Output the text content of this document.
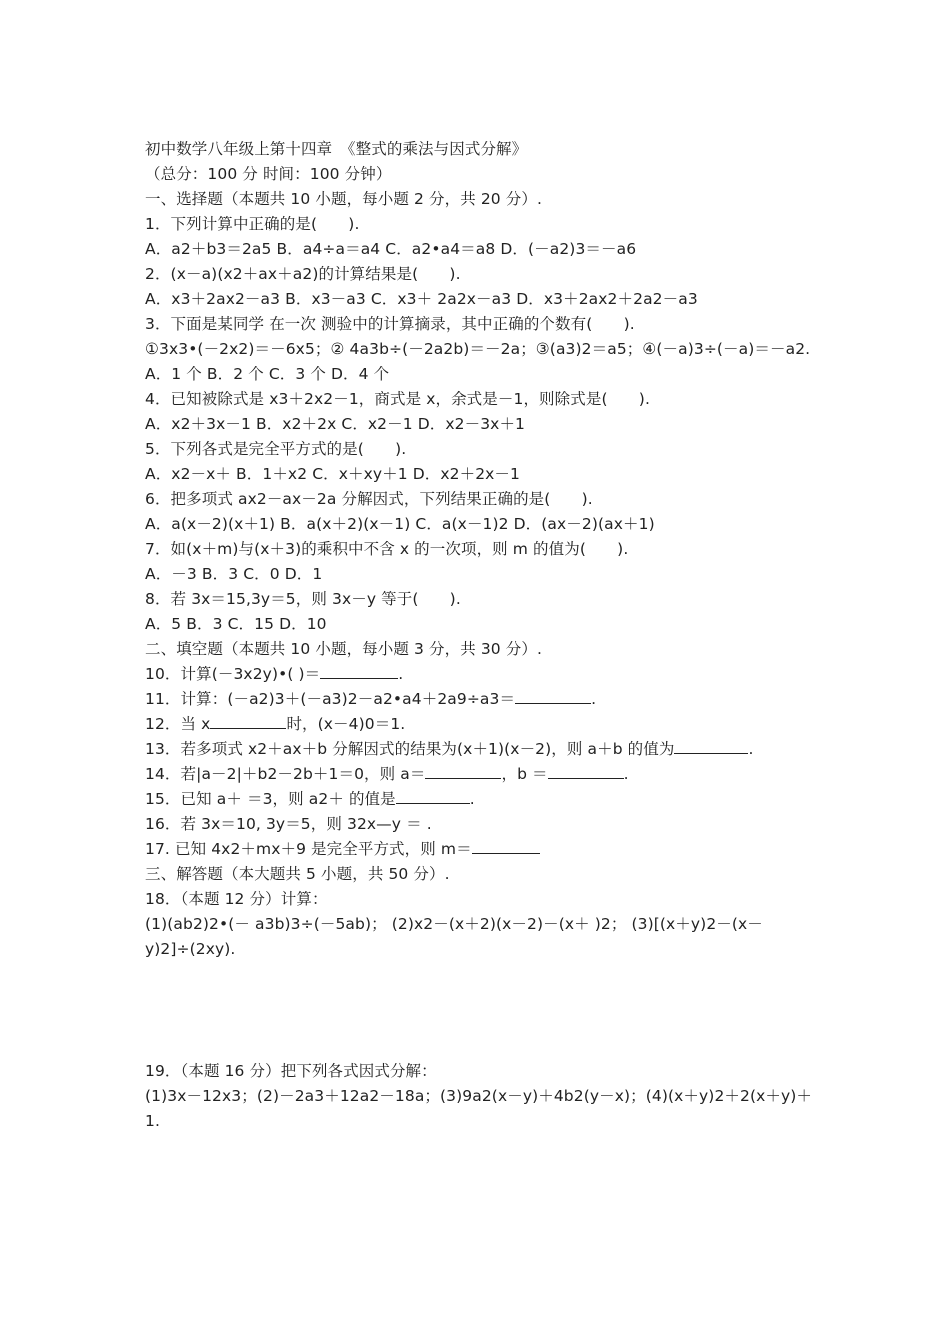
初中数学八年级上第十四章　《整式的乘法与因式分解》
（总分：100 分 时间：100 分钟）
一、选择题（本题共 10 小题，每小题 2 分，共 20 分）.
1．下列计算中正确的是(　　).
A．a2＋b3＝2a5 B．a4÷a＝a4 C．a2•a4＝a8 D．(－a2)3＝－a6
2．(x－a)(x2＋ax＋a2)的计算结果是(　　).
A．x3＋2ax2－a3 B．x3－a3 C．x3＋ 2a2x－a3 D．x3＋2ax2＋2a2－a3
3．下面是某同学 在一次 测验中的计算摘录，其中正确的个数有(　　).
①3x3•(－2x2)＝－6x5；② 4a3b÷(－2a2b)＝－2a；③(a3)2＝a5；④(－a)3÷(－a)＝－a2.
A．1 个 B．2 个 C．3 个 D．4 个
4．已知被除式是 x3＋2x2－1，商式是 x，余式是－1，则除式是(　　).
A．x2＋3x－1 B．x2＋2x C．x2－1 D．x2－3x＋1
5．下列各式是完全平方式的是(　　).
A．x2－x＋ B．1＋x2 C．x＋xy＋1 D．x2＋2x－1
6．把多项式 ax2－ax－2a 分解因式，下列结果正确的是(　　).
A．a(x－2)(x＋1) B．a(x＋2)(x－1) C．a(x－1)2 D．(ax－2)(ax＋1)
7．如(x＋m)与(x＋3)的乘积中不含 x 的一次项，则 m 的值为(　　).
A．－3 B．3 C．0 D．1
8．若 3x＝15,3y＝5，则 3x－y 等于(　　).
A．5 B．3 C．15 D．10
二、填空题（本题共 10 小题，每小题 3 分，共 30 分）.
10．计算(－3x2y)•( )＝	.
11．计算：(－a2)3＋(－a3)2－a2•a4＋2a9÷a3＝	.
12．当 x	时，(x－4)0＝1.
13．若多项式 x2＋ax＋b 分解因式的结果为(x＋1)(x－2)，则 a＋b 的值为	.
14．若|a－2|＋b2－2b＋1＝0，则 a＝	，b ＝	.
15．已知 a＋ ＝3，则 a2＋ 的值是	.
16．若 3x＝10, 3y＝5，则 32x—y ＝ .
17. 已知 4x2＋mx＋9 是完全平方式，则 m＝
三、解答题（本大题共 5 小题，共 50 分）.
18．（本题 12 分）计算：
(1)(ab2)2•(－ a3b)3÷(－5ab)； (2)x2－(x＋2)(x－2)－(x＋ )2； (3)[(x＋y)2－(x－
y)2]÷(2xy).
19．（本题 16 分）把下列各式因式分解：
(1)3x－12x3；(2)－2a3＋12a2－18a；(3)9a2(x－y)＋4b2(y－x)；(4)(x＋y)2＋2(x＋y)＋
1.
